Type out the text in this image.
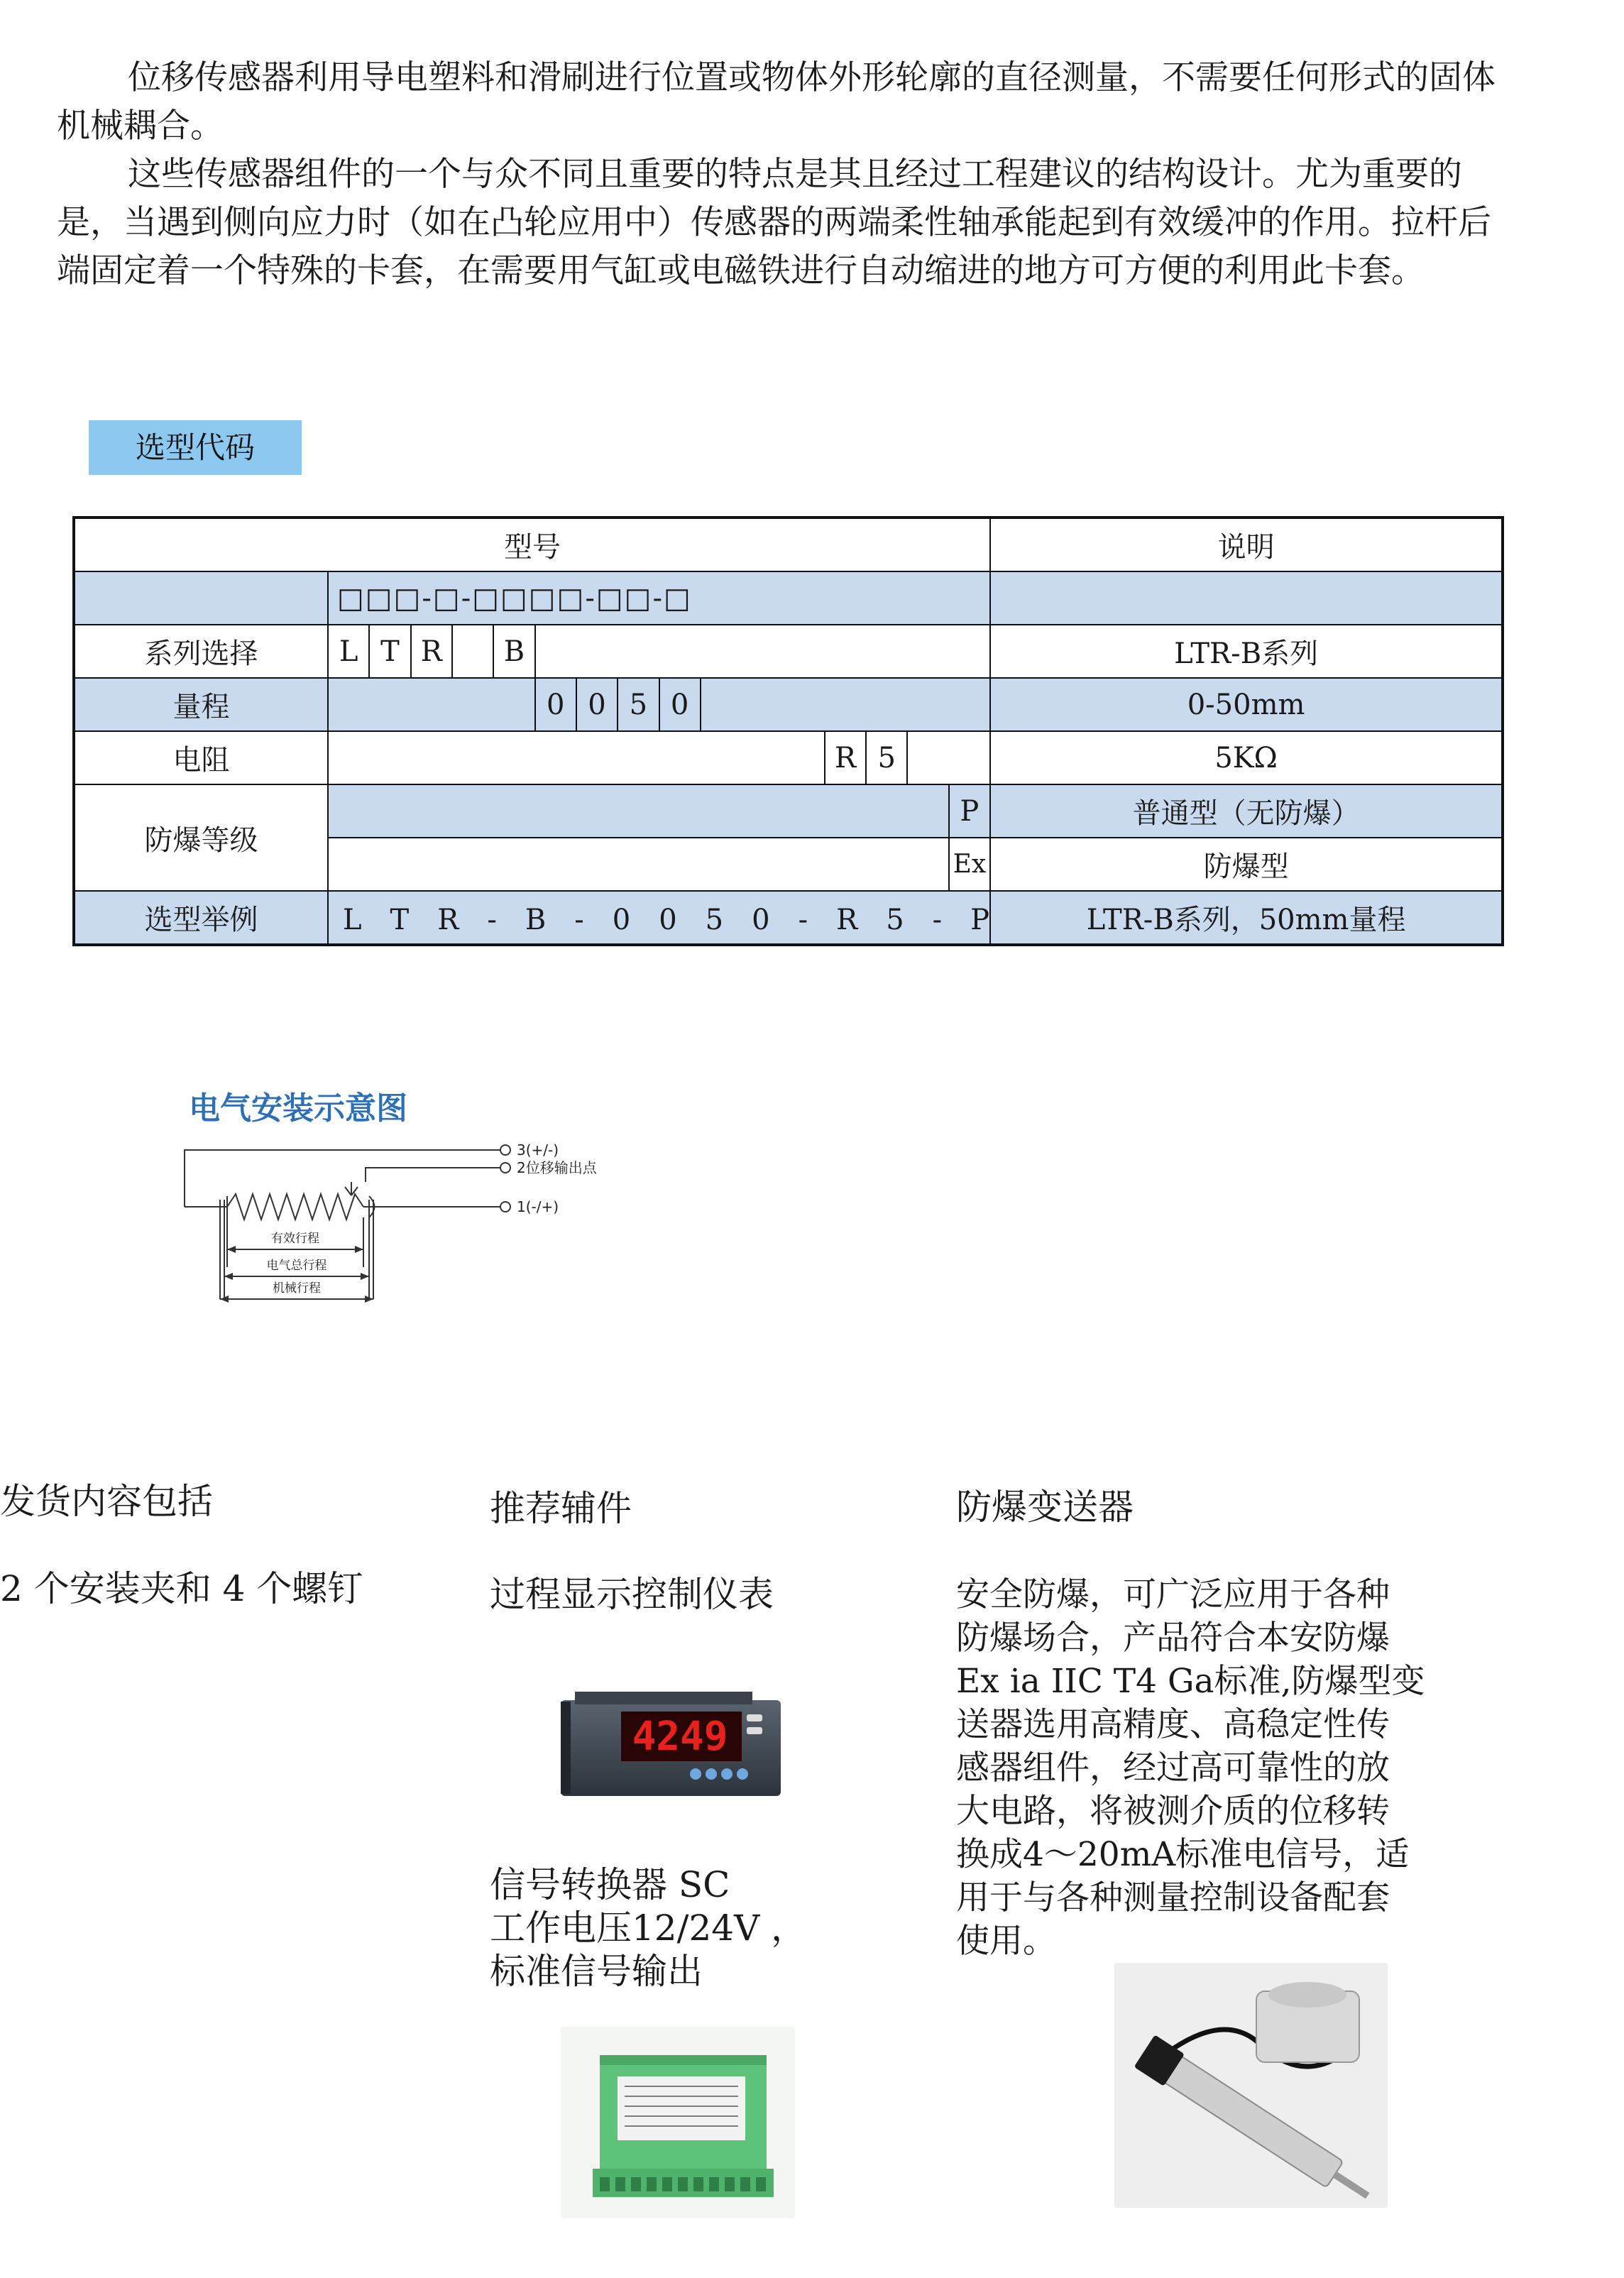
位移传感器利用导电塑料和滑刷进行位置或物体外形轮廓的直径测量，不需要任何形式的固体机械耦合。

这些传感器组件的一个与众不同且重要的特点是其且经过工程建议的结构设计。尤为重要的是，当遇到侧向应力时（如在凸轮应用中）传感器的两端柔性轴承能起到有效缓冲的作用。拉杆后端固定着一个特殊的卡套，在需要用气缸或电磁铁进行自动缩进的地方可方便的利用此卡套。

选型代码
型号															说明
	□□□-□-□□□□-□□-□														
系列选择	L	T	R		B										LTR-B系列
量程						0	0	5	0						0-50mm
电阻											R	5			5KΩ
防爆等级														P	普通型（无防爆）
														Ex	防爆型
选型举例	L　T　R　-　B　-　0　0　5　0　-　R　5　-　P														LTR-B系列，50mm量程
电气安装示意图
3(+/-)
2位移输出点
1(-/+)
有效行程
电气总行程
机械行程
发货内容包括
2 个安装夹和 4 个螺钉
推荐辅件
过程显示控制仪表
4249
信号转换器 SC
工作电压12/24V ，
标准信号输出
防爆变送器
安全防爆，可广泛应用于各种
防爆场合，产品符合本安防爆
Ex ia IIC T4 Ga标准,防爆型变
送器选用高精度、高稳定性传
感器组件，经过高可靠性的放
大电路，将被测介质的位移转
换成4～20mA标准电信号，适
用于与各种测量控制设备配套
使用。
